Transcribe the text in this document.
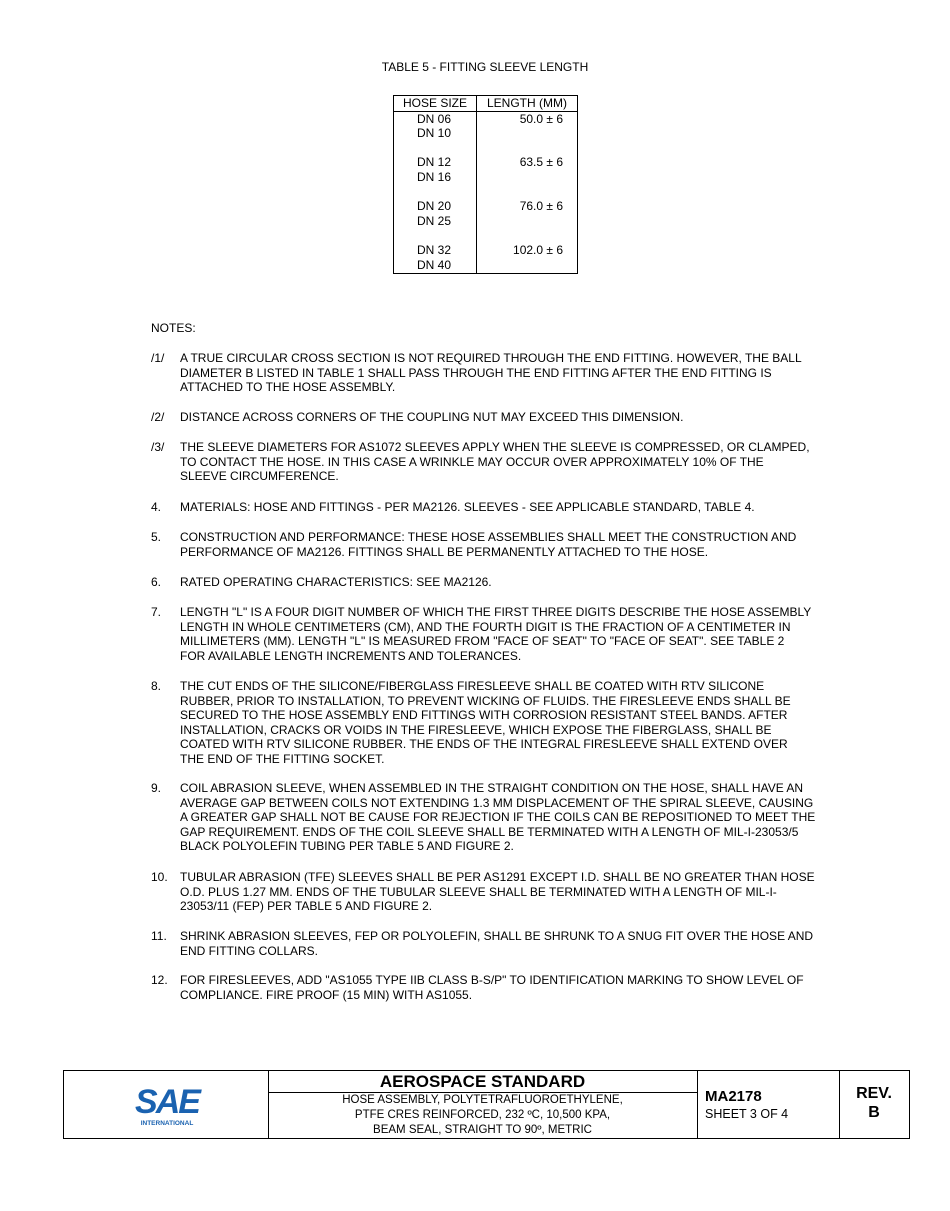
TABLE 5 - FITTING SLEEVE LENGTH
HOSE SIZE	LENGTH (MM)

DN 06
DN 10	50.0 ± 6

DN 12
DN 16	63.5 ± 6

DN 20
DN 25	76.0 ± 6

DN 32
DN 40	102.0 ± 6
NOTES:
/1/ A TRUE CIRCULAR CROSS SECTION IS NOT REQUIRED THROUGH THE END FITTING. HOWEVER, THE BALL
DIAMETER B LISTED IN TABLE 1 SHALL PASS THROUGH THE END FITTING AFTER THE END FITTING IS
ATTACHED TO THE HOSE ASSEMBLY.
/2/ DISTANCE ACROSS CORNERS OF THE COUPLING NUT MAY EXCEED THIS DIMENSION.
/3/ THE SLEEVE DIAMETERS FOR AS1072 SLEEVES APPLY WHEN THE SLEEVE IS COMPRESSED, OR CLAMPED,
TO CONTACT THE HOSE. IN THIS CASE A WRINKLE MAY OCCUR OVER APPROXIMATELY 10% OF THE
SLEEVE CIRCUMFERENCE.
4. MATERIALS: HOSE AND FITTINGS - PER MA2126. SLEEVES - SEE APPLICABLE STANDARD, TABLE 4.
5. CONSTRUCTION AND PERFORMANCE: THESE HOSE ASSEMBLIES SHALL MEET THE CONSTRUCTION AND
PERFORMANCE OF MA2126. FITTINGS SHALL BE PERMANENTLY ATTACHED TO THE HOSE.
6. RATED OPERATING CHARACTERISTICS: SEE MA2126.
7. LENGTH "L" IS A FOUR DIGIT NUMBER OF WHICH THE FIRST THREE DIGITS DESCRIBE THE HOSE ASSEMBLY
LENGTH IN WHOLE CENTIMETERS (CM), AND THE FOURTH DIGIT IS THE FRACTION OF A CENTIMETER IN
MILLIMETERS (MM). LENGTH "L" IS MEASURED FROM "FACE OF SEAT" TO "FACE OF SEAT". SEE TABLE 2
FOR AVAILABLE LENGTH INCREMENTS AND TOLERANCES.
8. THE CUT ENDS OF THE SILICONE/FIBERGLASS FIRESLEEVE SHALL BE COATED WITH RTV SILICONE
RUBBER, PRIOR TO INSTALLATION, TO PREVENT WICKING OF FLUIDS. THE FIRESLEEVE ENDS SHALL BE
SECURED TO THE HOSE ASSEMBLY END FITTINGS WITH CORROSION RESISTANT STEEL BANDS. AFTER
INSTALLATION, CRACKS OR VOIDS IN THE FIRESLEEVE, WHICH EXPOSE THE FIBERGLASS, SHALL BE
COATED WITH RTV SILICONE RUBBER. THE ENDS OF THE INTEGRAL FIRESLEEVE SHALL EXTEND OVER
THE END OF THE FITTING SOCKET.
9. COIL ABRASION SLEEVE, WHEN ASSEMBLED IN THE STRAIGHT CONDITION ON THE HOSE, SHALL HAVE AN
AVERAGE GAP BETWEEN COILS NOT EXTENDING 1.3 MM DISPLACEMENT OF THE SPIRAL SLEEVE, CAUSING
A GREATER GAP SHALL NOT BE CAUSE FOR REJECTION IF THE COILS CAN BE REPOSITIONED TO MEET THE
GAP REQUIREMENT. ENDS OF THE COIL SLEEVE SHALL BE TERMINATED WITH A LENGTH OF MIL-I-23053/5
BLACK POLYOLEFIN TUBING PER TABLE 5 AND FIGURE 2.
10. TUBULAR ABRASION (TFE) SLEEVES SHALL BE PER AS1291 EXCEPT I.D. SHALL BE NO GREATER THAN HOSE
O.D. PLUS 1.27 MM. ENDS OF THE TUBULAR SLEEVE SHALL BE TERMINATED WITH A LENGTH OF MIL-I-
23053/11 (FEP) PER TABLE 5 AND FIGURE 2.
11. SHRINK ABRASION SLEEVES, FEP OR POLYOLEFIN, SHALL BE SHRUNK TO A SNUG FIT OVER THE HOSE AND
END FITTING COLLARS.
12. FOR FIRESLEEVES, ADD "AS1055 TYPE IIB CLASS B-S/P" TO IDENTIFICATION MARKING TO SHOW LEVEL OF
COMPLIANCE. FIRE PROOF (15 MIN) WITH AS1055.
SAE
INTERNATIONAL
AEROSPACE STANDARD
HOSE ASSEMBLY, POLYTETRAFLUOROETHYLENE,
PTFE CRES REINFORCED, 232 ºC, 10,500 KPA,
BEAM SEAL, STRAIGHT TO 90º, METRIC
MA2178
SHEET 3 OF 4
REV.
B
